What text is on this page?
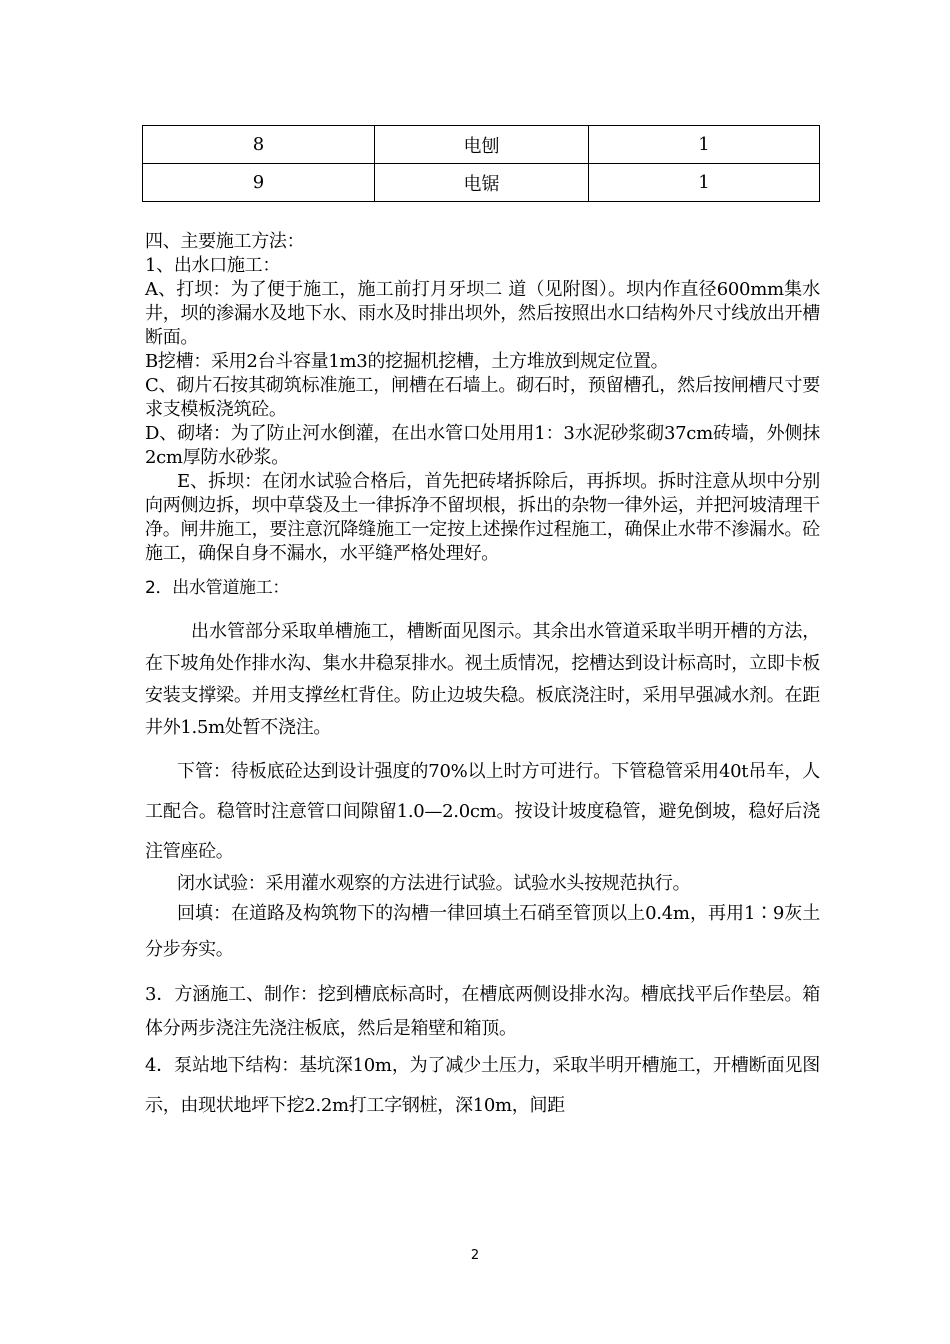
8	电刨	1
9	电锯	1

四、主要施工方法：

1、出水口施工：

A、打坝：为了便于施工，施工前打月牙坝二 道（见附图）。坝内作直径600mm集水井，坝的渗漏水及地下水、雨水及时排出坝外，然后按照出水口结构外尺寸线放出开槽断面。

B挖槽：采用2台斗容量1m3的挖掘机挖槽，土方堆放到规定位置。

C、砌片石按其砌筑标准施工，闸槽在石墙上。砌石时，预留槽孔，然后按闸槽尺寸要求支模板浇筑砼。

D、砌堵：为了防止河水倒灌，在出水管口处用用1：3水泥砂浆砌37cm砖墙，外侧抹2cm厚防水砂浆。

E、拆坝：在闭水试验合格后，首先把砖堵拆除后，再拆坝。拆时注意从坝中分别向两侧边拆，坝中草袋及土一律拆净不留坝根，拆出的杂物一律外运，并把河坡清理干净。闸井施工，要注意沉降缝施工一定按上述操作过程施工，确保止水带不渗漏水。砼施工，确保自身不漏水，水平缝严格处理好。

2．出水管道施工：

出水管部分采取单槽施工，槽断面见图示。其余出水管道采取半明开槽的方法，在下坡角处作排水沟、集水井稳泵排水。视土质情况，挖槽达到设计标高时，立即卡板安装支撑梁。并用支撑丝杠背住。防止边坡失稳。板底浇注时，采用早强减水剂。在距井外1.5m处暂不浇注。

下管：待板底砼达到设计强度的70%以上时方可进行。下管稳管采用40t吊车，人工配合。稳管时注意管口间隙留1.0—2.0cm。按设计坡度稳管，避免倒坡，稳好后浇注管座砼。

闭水试验：采用灌水观察的方法进行试验。试验水头按规范执行。

回填：在道路及构筑物下的沟槽一律回填土石硝至管顶以上0.4m，再用1∶9灰土分步夯实。

3．方涵施工、制作：挖到槽底标高时，在槽底两侧设排水沟。槽底找平后作垫层。箱体分两步浇注先浇注板底，然后是箱壁和箱顶。

4．泵站地下结构：基坑深10m，为了减少土压力，采取半明开槽施工，开槽断面见图示，由现状地坪下挖2.2m打工字钢桩，深10m，间距

2
